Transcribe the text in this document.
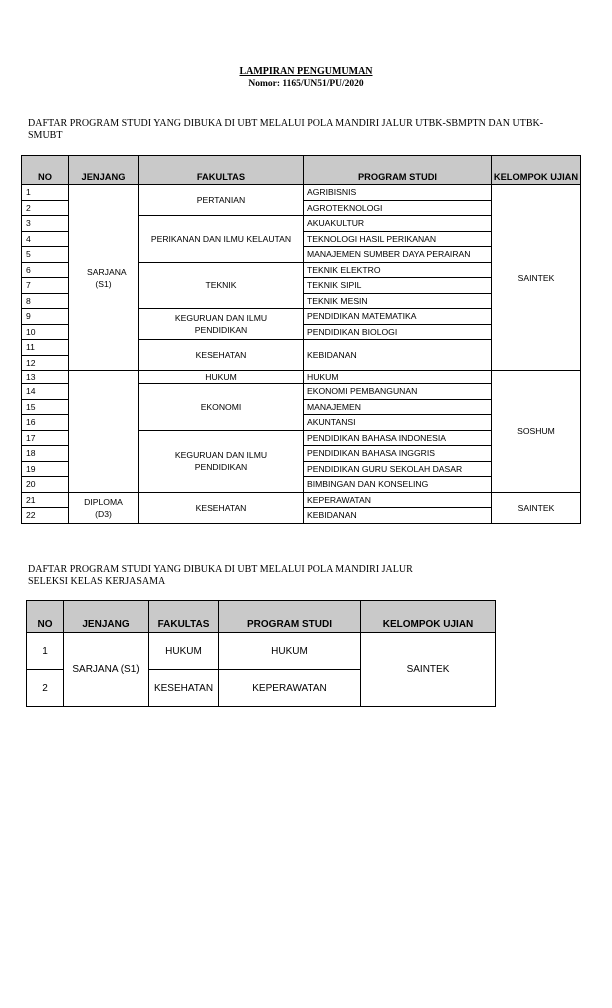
LAMPIRAN PENGUMUMAN
Nomor: 1165/UN51/PU/2020
DAFTAR PROGRAM STUDI YANG DIBUKA DI UBT MELALUI POLA MANDIRI JALUR UTBK-SBMPTN DAN UTBK-SMUBT
NO	JENJANG	FAKULTAS	PROGRAM STUDI	KELOMPOK UJIAN
1	SARJANA (S1)	PERTANIAN	AGRIBISNIS	SAINTEK
2			AGROTEKNOLOGI	
3		PERIKANAN DAN ILMU KELAUTAN	AKUAKULTUR	
4			TEKNOLOGI HASIL PERIKANAN	
5			MANAJEMEN SUMBER DAYA PERAIRAN	
6		TEKNIK	TEKNIK ELEKTRO	
7			TEKNIK SIPIL	
8			TEKNIK MESIN	
9		KEGURUAN DAN ILMU PENDIDIKAN	PENDIDIKAN MATEMATIKA	
10			PENDIDIKAN BIOLOGI	
11		KESEHATAN	KEBIDANAN	
12				
13		HUKUM	HUKUM	SOSHUM
14		EKONOMI	EKONOMI PEMBANGUNAN	
15			MANAJEMEN	
16			AKUNTANSI	
17		KEGURUAN DAN ILMU PENDIDIKAN	PENDIDIKAN BAHASA INDONESIA	
18			PENDIDIKAN BAHASA INGGRIS	
19			PENDIDIKAN GURU SEKOLAH DASAR	
20			BIMBINGAN DAN KONSELING	
21	DIPLOMA (D3)	KESEHATAN	KEPERAWATAN	SAINTEK
22			KEBIDANAN	
DAFTAR PROGRAM STUDI YANG DIBUKA DI UBT MELALUI POLA MANDIRI JALUR SELEKSI KELAS KERJASAMA
NO	JENJANG	FAKULTAS	PROGRAM STUDI	KELOMPOK UJIAN
1	SARJANA (S1)	HUKUM	HUKUM	SAINTEK
2		KESEHATAN	KEPERAWATAN	
